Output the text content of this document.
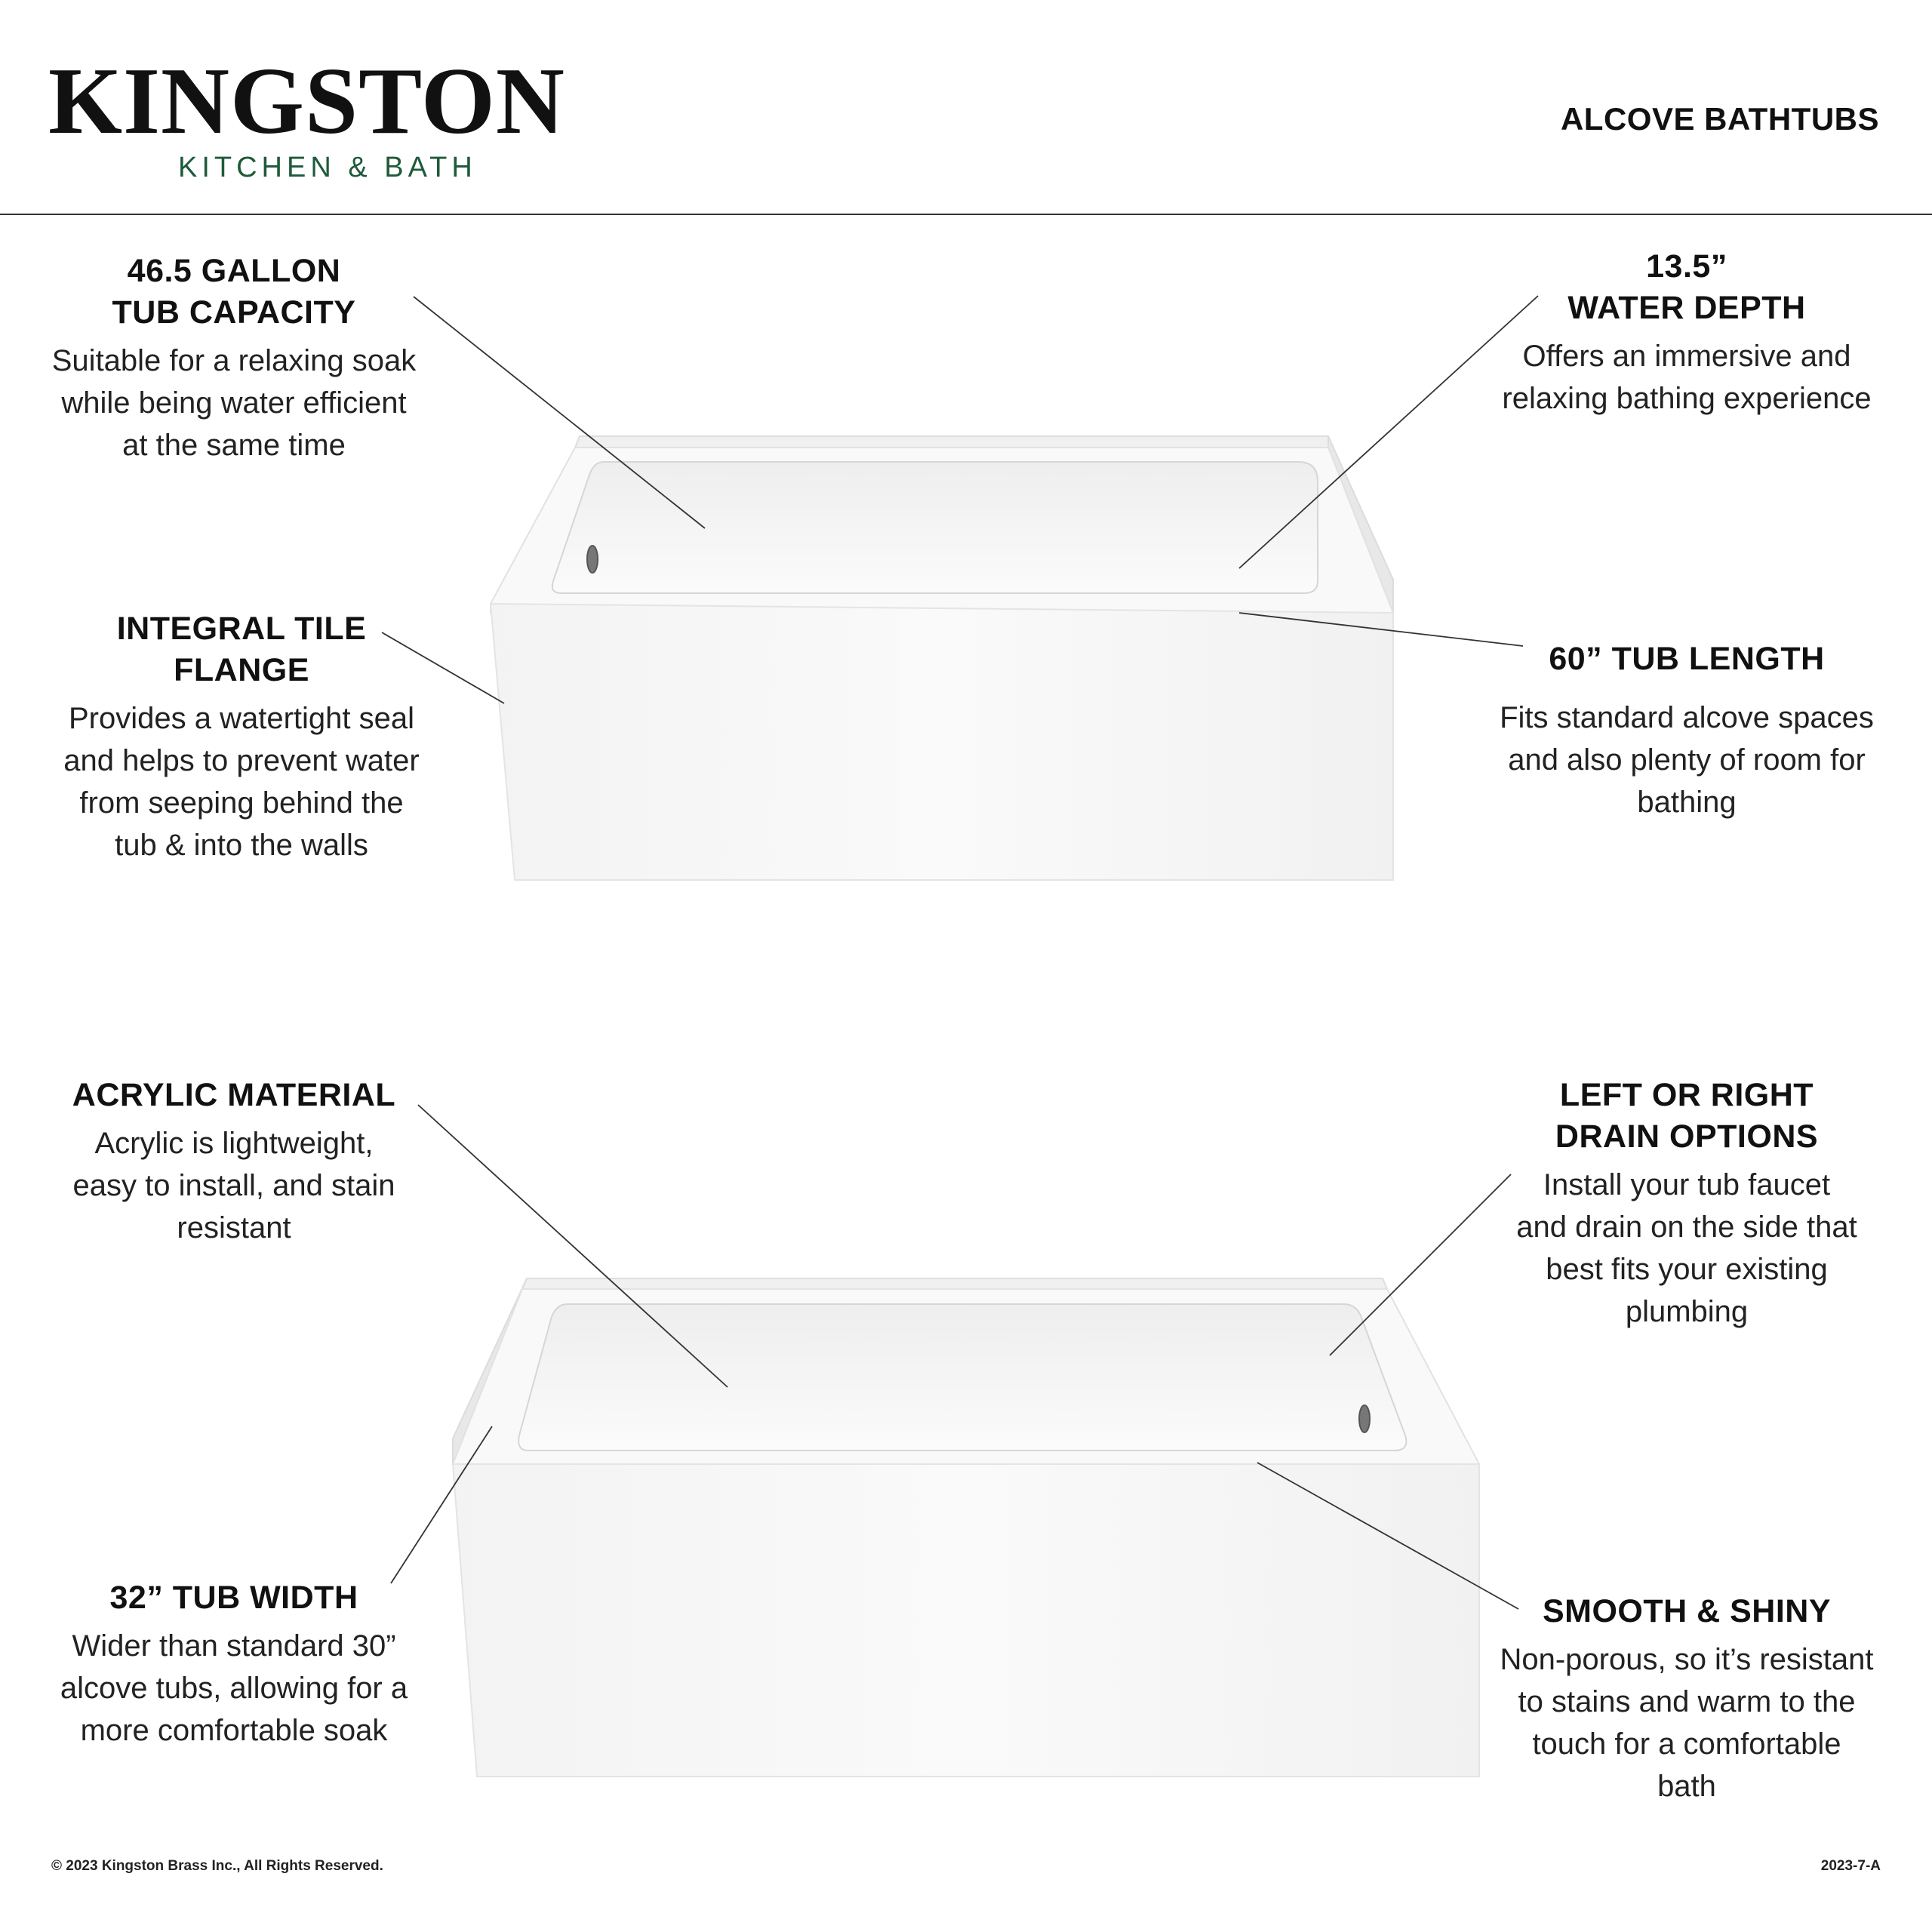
KINGSTON
KITCHEN & BATH
ALCOVE BATHTUBS
46.5 GALLON
TUB CAPACITY
Suitable for a relaxing soak
while being water efficient
at the same time
13.5”
WATER DEPTH
Offers an immersive and
relaxing bathing experience
INTEGRAL TILE
FLANGE
Provides a watertight seal
and helps to prevent water
from seeping behind the
tub & into the walls
60” TUB LENGTH
Fits standard alcove spaces
and also plenty of room for
bathing
ACRYLIC MATERIAL
Acrylic is lightweight,
easy to install, and stain
resistant
LEFT OR RIGHT
DRAIN OPTIONS
Install your tub faucet
and drain on the side that
best fits your existing
plumbing
32” TUB WIDTH
Wider than standard 30”
alcove tubs, allowing for a
more comfortable soak
SMOOTH & SHINY
Non-porous, so it’s resistant
to stains and warm to the
touch for a comfortable
bath
© 2023 Kingston Brass Inc., All Rights Reserved.	2023-7-A
